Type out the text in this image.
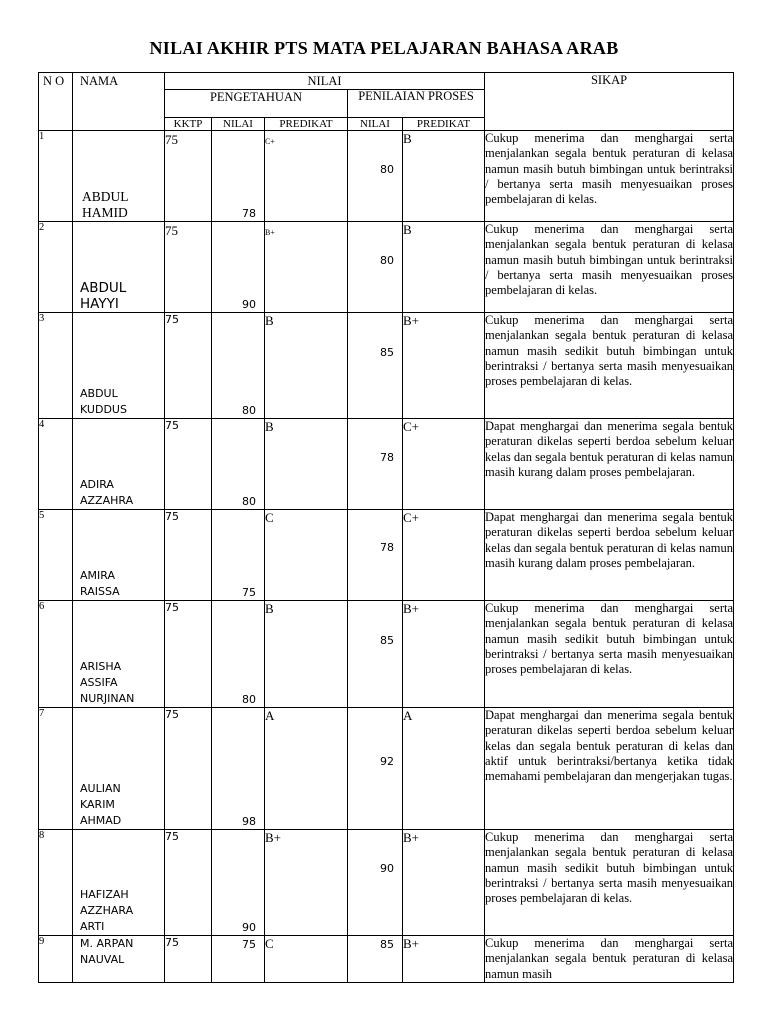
NILAI AKHIR PTS MATA PELAJARAN BAHASA ARAB
N O	NAMA	NILAI					SIKAP
		PENGETAHUAN			PENILAIAN PROSES		
		KKTP	NILAI	PREDIKAT	NILAI	PREDIKAT	
1	ABDUL HAMID	75	78	C+	80	B	Cukup menerima dan menghargai serta menjalankan segala bentuk peraturan di kelasa namun masih butuh bimbingan untuk berintraksi / bertanya serta masih menyesuaikan proses pembelajaran di kelas.
2	ABDUL HAYYI	75	90	B+	80	B	Cukup menerima dan menghargai serta menjalankan segala bentuk peraturan di kelasa namun masih butuh bimbingan untuk berintraksi / bertanya serta masih menyesuaikan proses pembelajaran di kelas.
3	ABDUL KUDDUS	75	80	B	85	B+	Cukup menerima dan menghargai serta menjalankan segala bentuk peraturan di kelasa namun masih sedikit butuh bimbingan untuk berintraksi / bertanya serta masih menyesuaikan proses pembelajaran di kelas.
4	ADIRA AZZAHRA	75	80	B	78	C+	Dapat menghargai dan menerima segala bentuk peraturan dikelas seperti berdoa sebelum keluar kelas dan segala bentuk peraturan di kelas namun masih kurang dalam proses pembelajaran.
5	AMIRA RAISSA	75	75	C	78	C+	Dapat menghargai dan menerima segala bentuk peraturan dikelas seperti berdoa sebelum keluar kelas dan segala bentuk peraturan di kelas namun masih kurang dalam proses pembelajaran.
6	ARISHA ASSIFA NURJINAN	75	80	B	85	B+	Cukup menerima dan menghargai serta menjalankan segala bentuk peraturan di kelasa namun masih sedikit butuh bimbingan untuk berintraksi / bertanya serta masih menyesuaikan proses pembelajaran di kelas.
7	AULIAN KARIM AHMAD	75	98	A	92	A	Dapat menghargai dan menerima segala bentuk peraturan dikelas seperti berdoa sebelum keluar kelas dan segala bentuk peraturan di kelas dan aktif untuk berintraksi/bertanya ketika tidak memahami pembelajaran dan mengerjakan tugas.
8	HAFIZAH AZZHARA ARTI	75	90	B+	90	B+	Cukup menerima dan menghargai serta menjalankan segala bentuk peraturan di kelasa namun masih sedikit butuh bimbingan untuk berintraksi / bertanya serta masih menyesuaikan proses pembelajaran di kelas.
9	M. ARPAN NAUVAL	75	75	C	85	B+	Cukup menerima dan menghargai serta menjalankan segala bentuk peraturan di kelasa namun masih
